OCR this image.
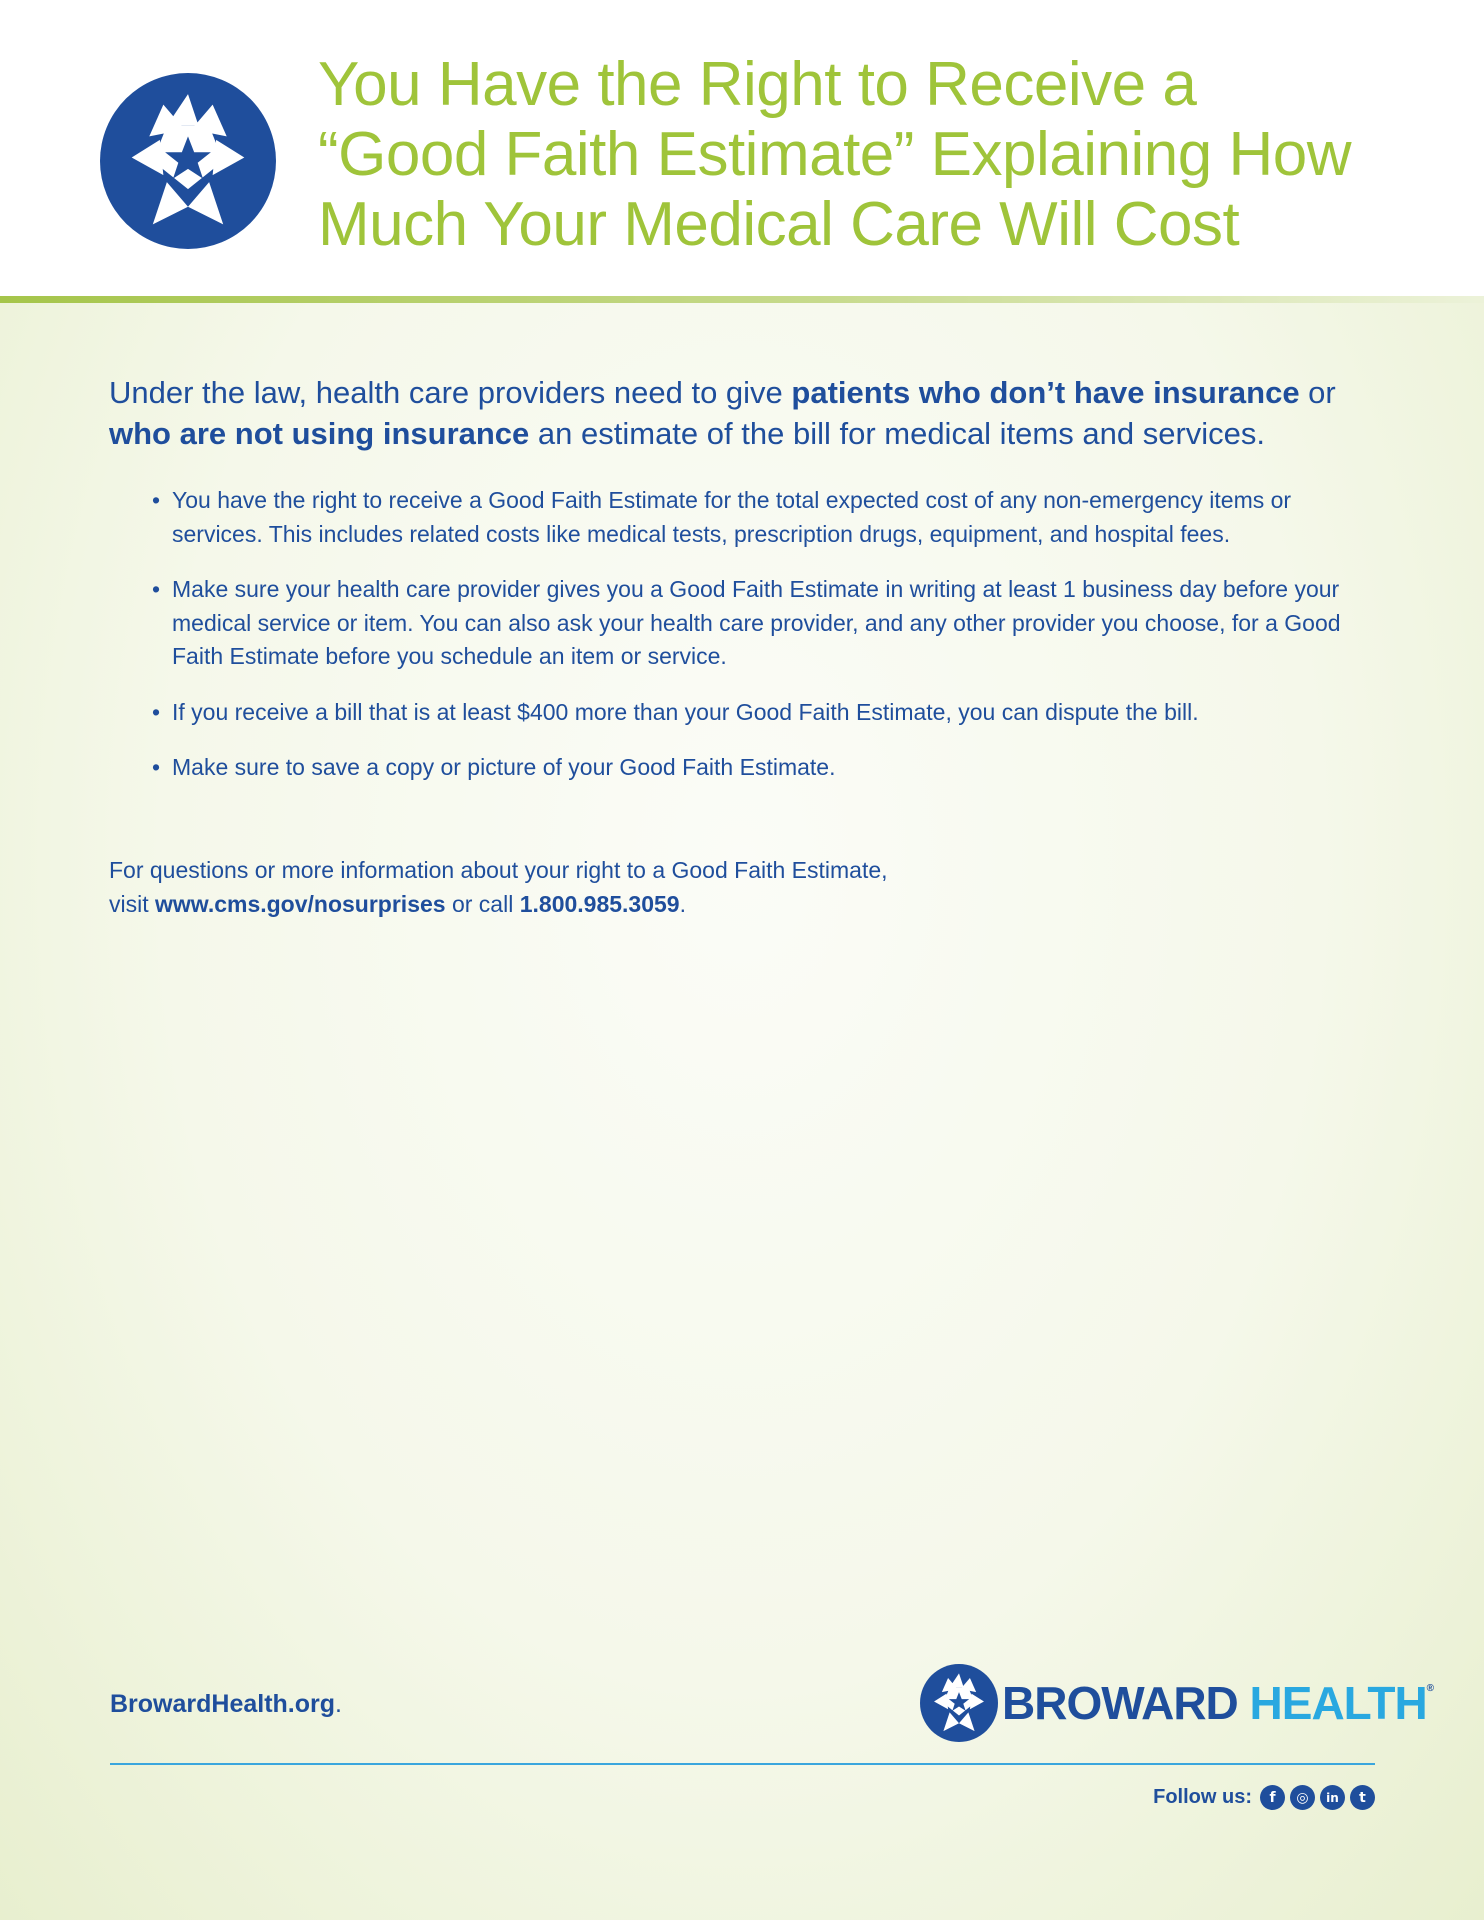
You Have the Right to Receive a
“Good Faith Estimate” Explaining How
Much Your Medical Care Will Cost

Under the law, health care providers need to give patients who don’t have insurance or who are not using insurance an estimate of the bill for medical items and services.

• You have the right to receive a Good Faith Estimate for the total expected cost of any non-emergency items or services. This includes related costs like medical tests, prescription drugs, equipment, and hospital fees.
• Make sure your health care provider gives you a Good Faith Estimate in writing at least 1 business day before your medical service or item. You can also ask your health care provider, and any other provider you choose, for a Good Faith Estimate before you schedule an item or service.
• If you receive a bill that is at least $400 more than your Good Faith Estimate, you can dispute the bill.
• Make sure to save a copy or picture of your Good Faith Estimate.

For questions or more information about your right to a Good Faith Estimate,
visit www.cms.gov/nosurprises or call 1.800.985.3059.

BrowardHealth.org.	BROWARD HEALTH®
Follow us:	f	◎	in	t
